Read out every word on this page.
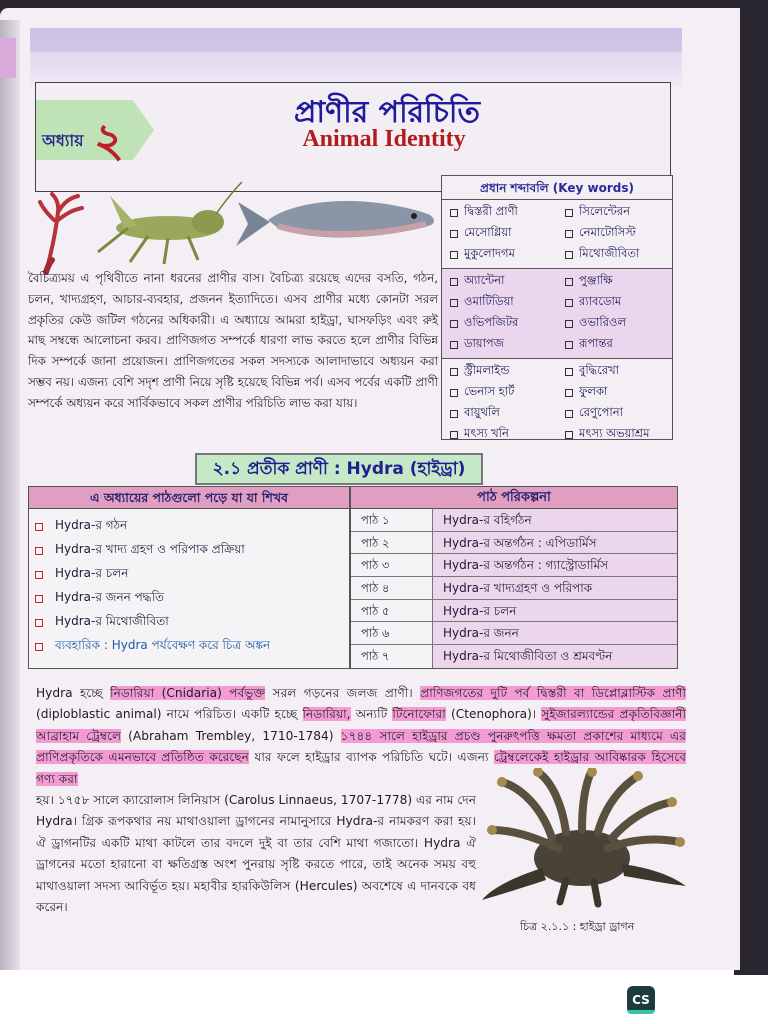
অধ্যায় ২
প্রাণীর পরিচিতি
Animal Identity
প্রধান শব্দাবলি (Key words)
দ্বিস্তরী প্রাণী	সিলেন্টেরন
মেসোগ্লিয়া	নেমাটোসিস্ট
মুকুলোদগম	মিথোজীবিতা
অ্যান্টেনা	পুঞ্জাক্ষি
ওমাটিডিয়া	র‍্যাবডোম
ওভিপজিটর	ওভারিওল
ডায়াপজ	রূপান্তর
স্ট্রীমলাইন্ড	বুদ্ধিরেখা
ভেনাস হার্ট	ফুলকা
বায়ুথলি	রেণুপোনা
মৎস্য খনি	মৎস্য অভয়াশ্রম

বৈচিত্র্যময় এ পৃথিবীতে নানা ধরনের প্রাণীর বাস। বৈচিত্র্য রয়েছে এদের বসতি, গঠন, চলন, খাদ্যগ্রহণ, আচার-ব্যবহার, প্রজনন ইত্যাদিতে। এসব প্রাণীর মধ্যে কোনটা সরল প্রকৃতির কেউ জটিল গঠনের অধিকারী। এ অধ্যায়ে আমরা হাইড্রা, ঘাসফড়িং এবং রুই মাছ সম্বন্ধে আলোচনা করব। প্রাণিজগত সম্পর্কে ধারণা লাভ করতে হলে প্রাণীর বিভিন্ন দিক সম্পর্কে জানা প্রয়োজন। প্রাণিজগতের সকল সদস্যকে আলাদাভাবে অধ্যয়ন করা সম্ভব নয়। এজন্য বেশি সদৃশ প্রাণী নিয়ে সৃষ্টি হয়েছে বিভিন্ন পর্ব। এসব পর্বের একটি প্রাণী সম্পর্কে অধ্যয়ন করে সার্বিকভাবে সকল প্রাণীর পরিচিতি লাভ করা যায়।

২.১ প্রতীক প্রাণী : Hydra (হাইড্রা)
এ অধ্যায়ের পাঠগুলো পড়ে যা যা শিখব
Hydra-র গঠন
Hydra-র খাদ্য গ্রহণ ও পরিপাক প্রক্রিয়া
Hydra-র চলন
Hydra-র জনন পদ্ধতি
Hydra-র মিথোজীবিতা
ব্যবহারিক : Hydra পর্যবেক্ষণ করে চিত্র অঙ্কন
পাঠ পরিকল্পনা
পাঠ ১	Hydra-র বহির্গঠন
পাঠ ২	Hydra-র অন্তর্গঠন : এপিডার্মিস
পাঠ ৩	Hydra-র অন্তর্গঠন : গ্যাস্ট্রোডার্মিস
পাঠ ৪	Hydra-র খাদ্যগ্রহণ ও পরিপাক
পাঠ ৫	Hydra-র চলন
পাঠ ৬	Hydra-র জনন
পাঠ ৭	Hydra-র মিথোজীবিতা ও শ্রমবণ্টন

Hydra হচ্ছে নিডারিয়া (Cnidaria) পর্বভুক্ত সরল গড়নের জলজ প্রাণী। প্রাণিজগতের দুটি পর্ব দ্বিস্তরী বা ডিপ্লোব্লাস্টিক প্রাণী (diploblastic animal) নামে পরিচিত। একটি হচ্ছে নিডারিয়া, অন্যটি টিনোফোরা (Ctenophora)। সুইজারল্যান্ডের প্রকৃতিবিজ্ঞানী আব্রাহাম ট্রেম্বলে (Abraham Trembley, 1710-1784) ১৭৪৪ সালে হাইড্রার প্রচণ্ড পুনরুৎপত্তি ক্ষমতা প্রকাশের মাধ্যমে এর প্রাণিপ্রকৃতিকে এমনভাবে প্রতিষ্ঠিত করেছেন যার ফলে হাইড্রার ব্যাপক পরিচিতি ঘটে। এজন্য ট্রেম্বলেকেই হাইড্রার আবিষ্কারক হিসেবে গণ্য করা

হয়। ১৭৫৮ সালে ক্যারোলাস লিনিয়াস (Carolus Linnaeus, 1707-1778) এর নাম দেন Hydra। গ্রিক রূপকথার নয় মাথাওয়ালা ড্রাগনের নামানুসারে Hydra-র নামকরণ করা হয়। ঐ ড্রাগনটির একটি মাথা কাটলে তার বদলে দুই বা তার বেশি মাথা গজাতো। Hydra ঐ ড্রাগনের মতো হারানো বা ক্ষতিগ্রস্ত অংশ পুনরায় সৃষ্টি করতে পারে, তাই অনেক সময় বহু মাথাওয়ালা সদস্য আবির্ভূত হয়। মহাবীর হারকিউলিস (Hercules) অবশেষে এ দানবকে বধ করেন।

চিত্র ২.১.১ : হাইড্রা ড্রাগন
CS
